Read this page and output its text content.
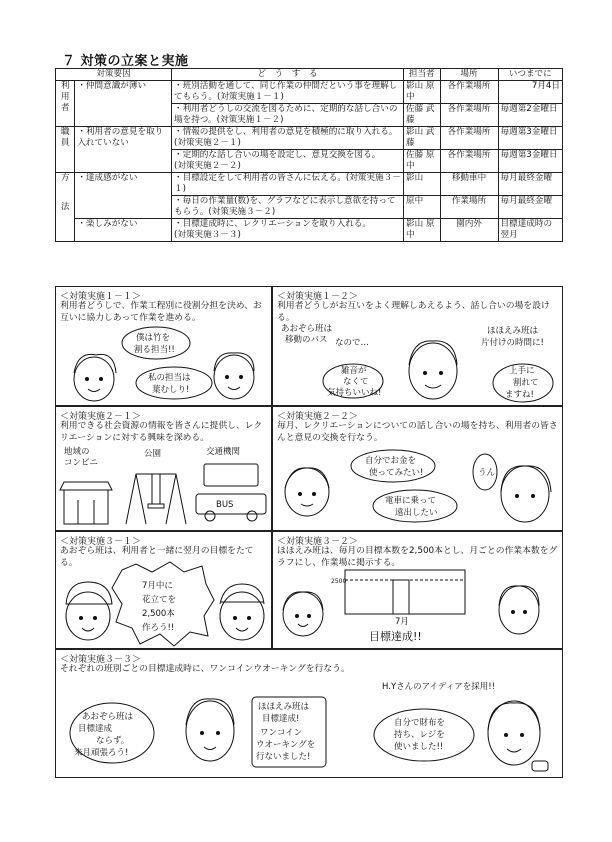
７ 対策の立案と実施
対策要因		ど　う　す　る	担当者	場所	いつまでに

利
用
者	・仲間意識が薄い	・班別活動を通して、同じ作業の仲間だという事を理解してもらう。(対策実施１－１)	影山 原中	各作業場所	7月4日
		・利用者どうしの交流を図るために、定期的な話し合いの場を持つ。(対策実施１－２)	佐藤 武藤	各作業場所	毎週第2金曜日

職
員	・利用者の意見を取り入れていない	・情報の提供をし、利用者の意見を積極的に取り入れる。　　(対策実施２－１)	影山 武藤	各作業場所	毎週第3金曜日
		・定期的な話し合いの場を設定し、意見交換を図る。　　　(対策実施２－２)	佐藤 原中	各作業場所	毎週第3金曜日

方
法	・達成感がない	・目標設定をして利用者の皆さんに伝える。(対策実施３－１)	影山	移動車中	毎月最終金曜
		・毎日の作業量(数)を、グラフなどに表示し意欲を持ってもらう。(対策実施３－２)	原中	作業場所	毎月最終金曜
	・楽しみがない	・目標達成時に、レクリエーションを取り入れる。　　　　(対策実施３－３)	影山 原中	園内外	目標達成時の翌月
＜対策実施１－１＞
利用者どうしで、作業工程別に役割分担を決め、お互いに協力しあって作業を進める。
僕は竹を
割る担当!!
私の担当は
葉むしり!
＜対策実施１－２＞
利用者どうしがお互いをよく理解しあえるよう、話し合いの場を設ける。
あおぞら班は
移動のバス なので…
ほほえみ班は
片付けの時間に!
雑音が
なくて
気持ちいいね!
上手に
割れて
ますね!
＜対策実施２－１＞
利用できる社会資源の情報を皆さんに提供し、レクリエーションに対する興味を深める。
地域の
コンビニ
公園	交通機関
BUS
＜対策実施２－２＞
毎月、レクリエーションについての話し合いの場を持ち、利用者の皆さんと意見の交換を行なう。
自分でお金を
使ってみたい!
電車に乗って
遠出したい
うん
＜対策実施３－１＞
あおぞら班は、利用者と一緒に翌月の目標をたてる。
7月中に
花立てを
2,500本
作ろう!!
＜対策実施３－２＞
ほほえみ班は、毎月の目標本数を2,500本とし、月ごとの作業本数をグラフにし、作業場に掲示する。
2500
7月
目標達成!!
＜対策実施３－３＞
それぞれの班別ごとの目標達成時に、ワンコインウオーキングを行なう。
あおぞら班は
目標達成
ならず。
来月頑張ろう!
ほほえみ班は
目標達成!
ワンコイン
ウオーキングを
行ないました!
H.Yさんのアイディアを採用!!
自分で財布を
持ち、レジを
使いました!!
